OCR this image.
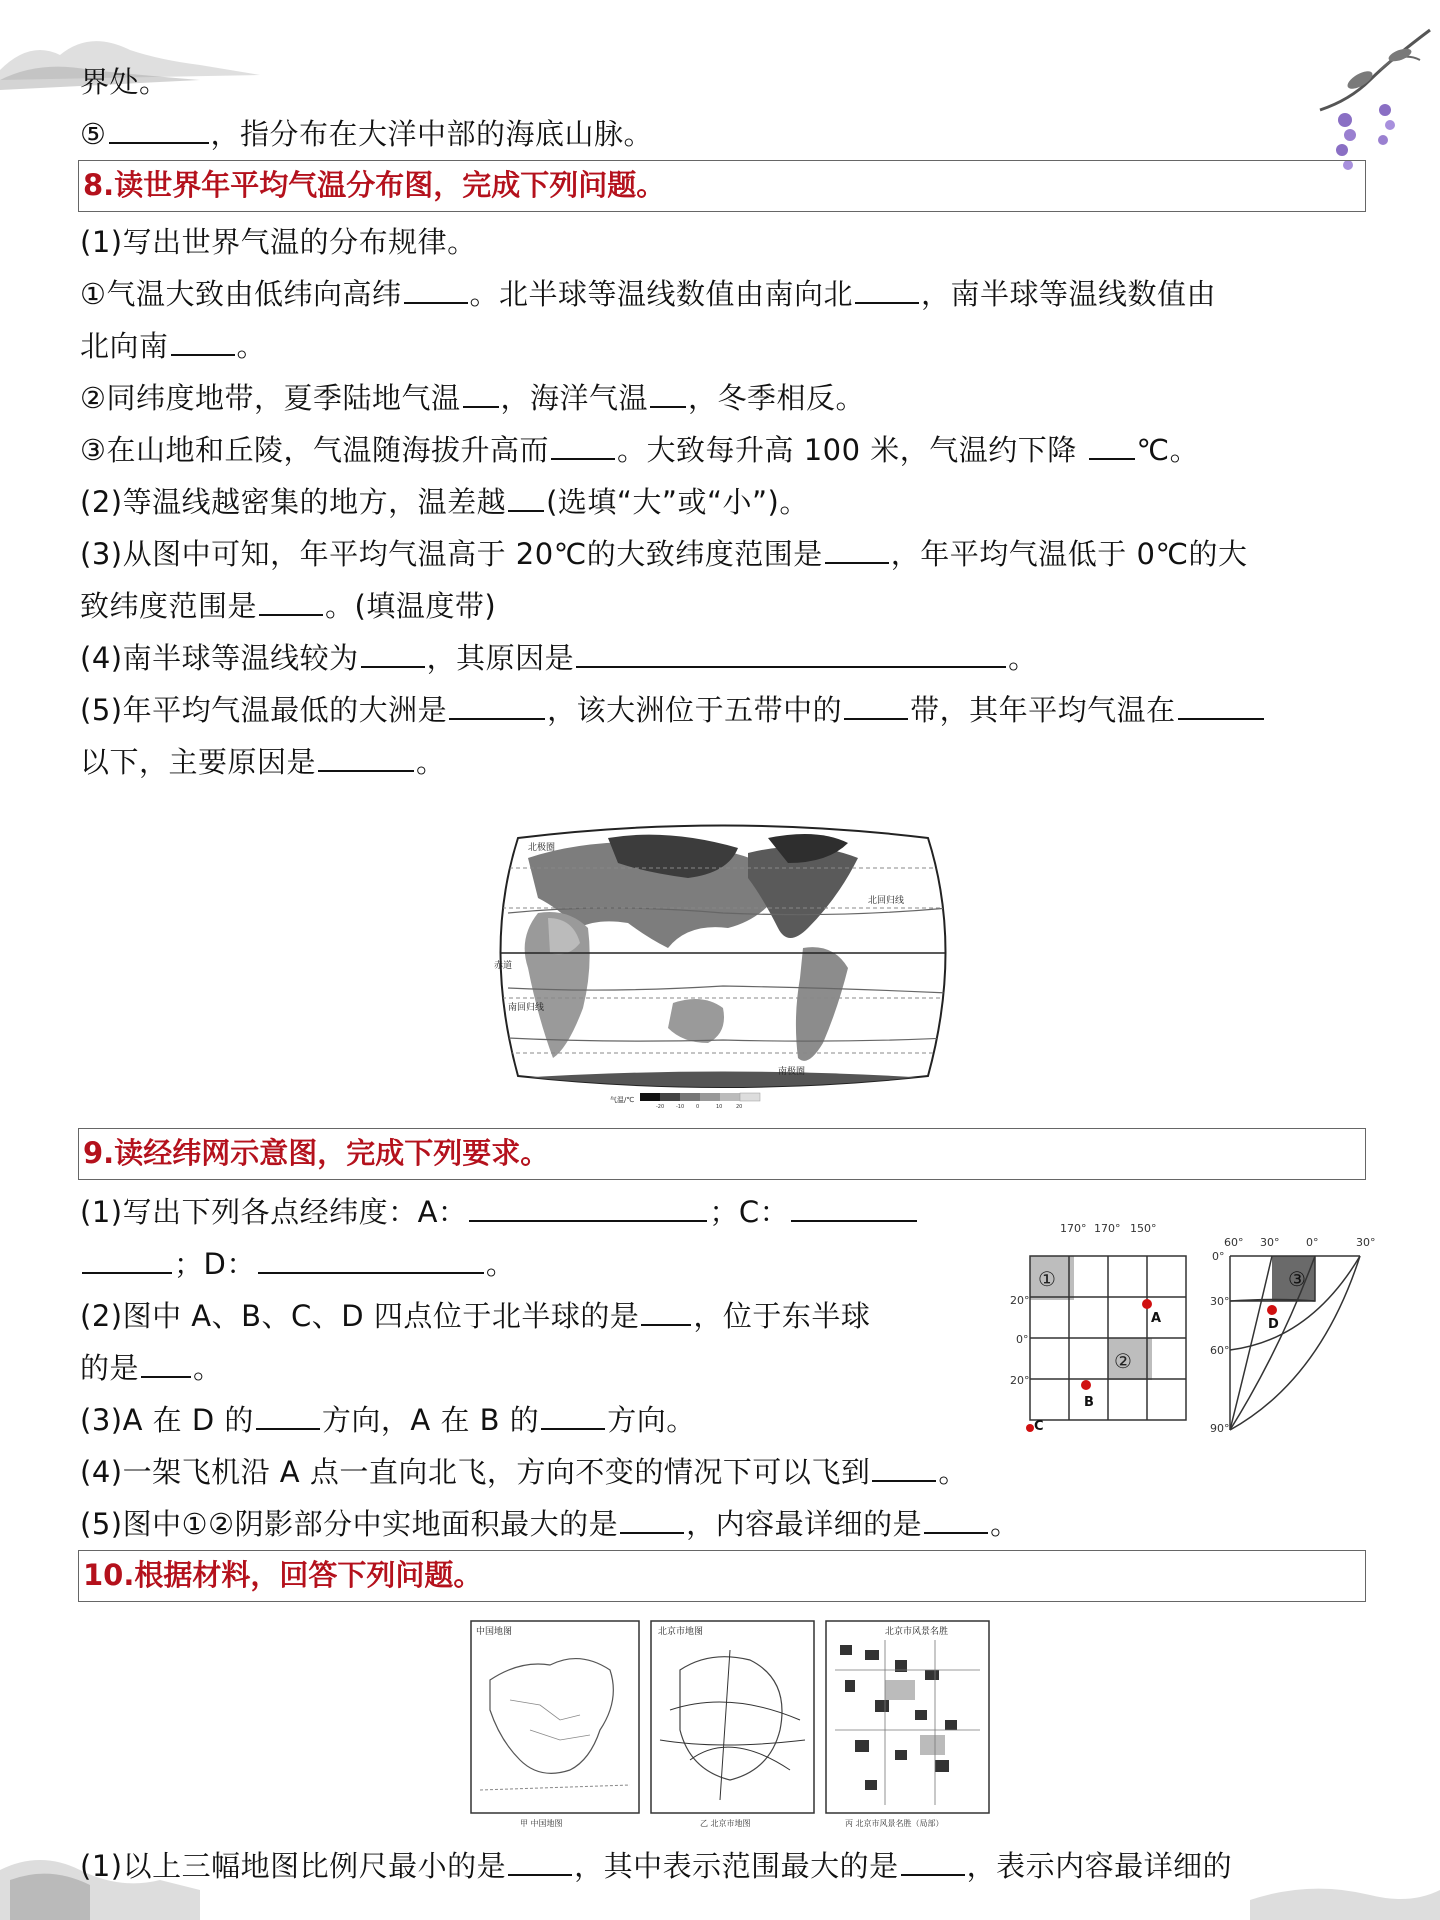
界处。
⑤	，指分布在大洋中部的海底山脉。
8.读世界年平均气温分布图，完成下列问题。
(1)写出世界气温的分布规律。
①气温大致由低纬向高纬 。北半球等温线数值由南向北 ，南半球等温线数值由
北向南 。
②同纬度地带，夏季陆地气温 ，海洋气温 ，冬季相反。
③在山地和丘陵，气温随海拔升高而 。大致每升高 100 米，气温约下降 ℃。
(2)等温线越密集的地方，温差越 (选填“大”或“小”)。
(3)从图中可知，年平均气温高于 20℃的大致纬度范围是 ，年平均气温低于 0℃的大
致纬度范围是 。(填温度带)
(4)南半球等温线较为 ，其原因是	。
(5)年平均气温最低的大洲是	，该大洲位于五带中的 带，其年平均气温在
以下，主要原因是	。
北极圈
北回归线
赤道
南回归线
南极圈
气温/℃
-20 -10 0	10	20
9.读经纬网示意图，完成下列要求。
(1)写出下列各点经纬度：A：	；C：
；D：	。
(2)图中 A、B、C、D 四点位于北半球的是 ，位于东半球
的是 。
(3)A 在 D 的 方向，A 在 B 的 方向。
(4)一架飞机沿 A 点一直向北飞，方向不变的情况下可以飞到 。
(5)图中①②阴影部分中实地面积最大的是 ，内容最详细的是 。
170° 170° 150°
①
②
20°
0°
20°
A
B
C
60° 30° 0°	30°
③
0°
30°
60°
90°
D
10.根据材料，回答下列问题。
中国地图
甲 中国地图
北京市地图
乙 北京市地图
北京市风景名胜
丙 北京市风景名胜（局部）
(1)以上三幅地图比例尺最小的是 ，其中表示范围最大的是 ，表示内容最详细的
